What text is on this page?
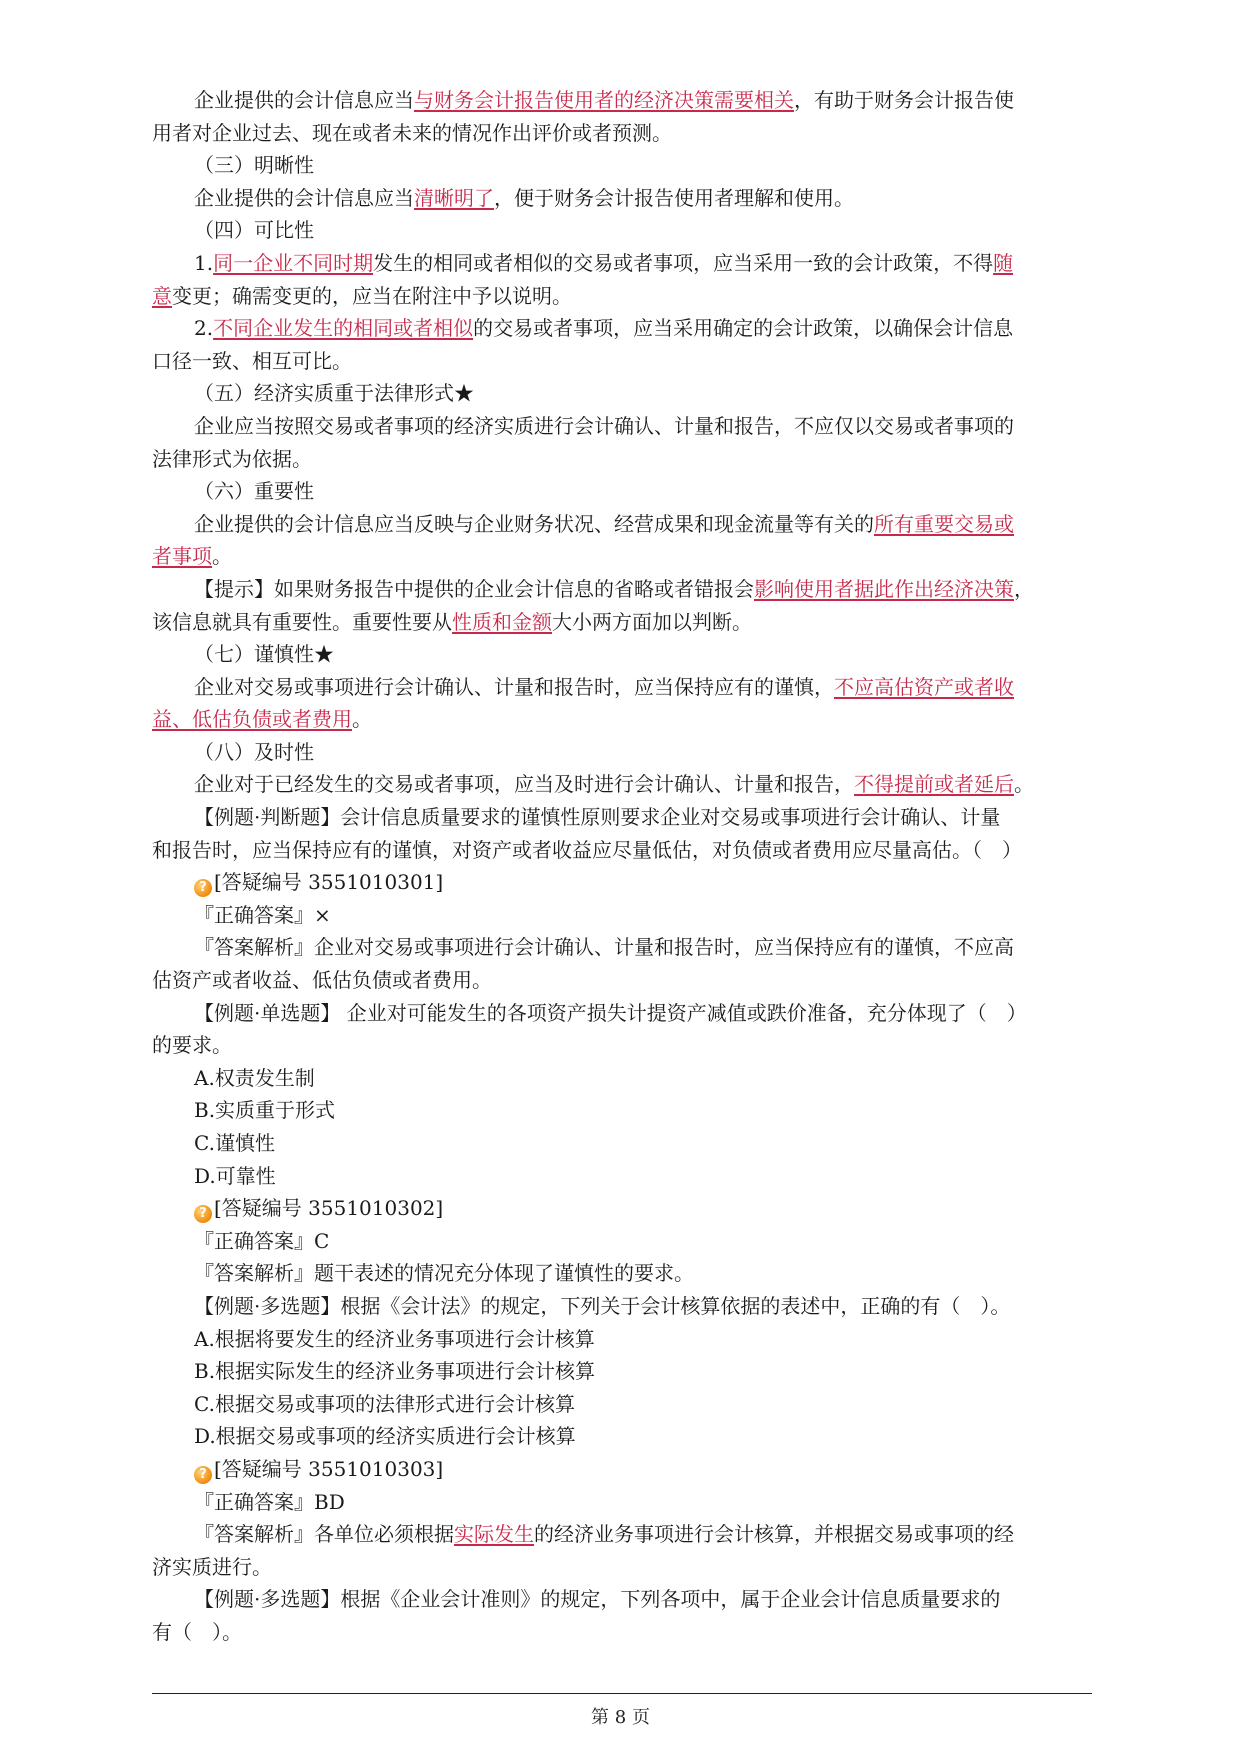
企业提供的会计信息应当与财务会计报告使用者的经济决策需要相关，有助于财务会计报告使
用者对企业过去、现在或者未来的情况作出评价或者预测。
（三）明晰性
企业提供的会计信息应当清晰明了，便于财务会计报告使用者理解和使用。
（四）可比性
1.同一企业不同时期发生的相同或者相似的交易或者事项，应当采用一致的会计政策，不得随
意变更；确需变更的，应当在附注中予以说明。
2.不同企业发生的相同或者相似的交易或者事项，应当采用确定的会计政策，以确保会计信息
口径一致、相互可比。
（五）经济实质重于法律形式★
企业应当按照交易或者事项的经济实质进行会计确认、计量和报告，不应仅以交易或者事项的
法律形式为依据。
（六）重要性
企业提供的会计信息应当反映与企业财务状况、经营成果和现金流量等有关的所有重要交易或
者事项。
【提示】如果财务报告中提供的企业会计信息的省略或者错报会影响使用者据此作出经济决策，
该信息就具有重要性。重要性要从性质和金额大小两方面加以判断。
（七）谨慎性★
企业对交易或事项进行会计确认、计量和报告时，应当保持应有的谨慎，不应高估资产或者收
益、低估负债或者费用。
（八）及时性
企业对于已经发生的交易或者事项，应当及时进行会计确认、计量和报告，不得提前或者延后。
【例题·判断题】会计信息质量要求的谨慎性原则要求企业对交易或事项进行会计确认、计量
和报告时，应当保持应有的谨慎，对资产或者收益应尽量低估，对负债或者费用应尽量高估。（　）
? [答疑编号 3551010301]
『正确答案』×
『答案解析』企业对交易或事项进行会计确认、计量和报告时，应当保持应有的谨慎，不应高
估资产或者收益、低估负债或者费用。
【例题·单选题】 企业对可能发生的各项资产损失计提资产减值或跌价准备，充分体现了（　）
的要求。
A.权责发生制
B.实质重于形式
C.谨慎性
D.可靠性
? [答疑编号 3551010302]
『正确答案』C
『答案解析』题干表述的情况充分体现了谨慎性的要求。
【例题·多选题】根据《会计法》的规定，下列关于会计核算依据的表述中，正确的有（　）。
A.根据将要发生的经济业务事项进行会计核算
B.根据实际发生的经济业务事项进行会计核算
C.根据交易或事项的法律形式进行会计核算
D.根据交易或事项的经济实质进行会计核算
? [答疑编号 3551010303]
『正确答案』BD
『答案解析』各单位必须根据实际发生的经济业务事项进行会计核算，并根据交易或事项的经
济实质进行。
【例题·多选题】根据《企业会计准则》的规定，下列各项中，属于企业会计信息质量要求的
有（　）。
第 8 页
